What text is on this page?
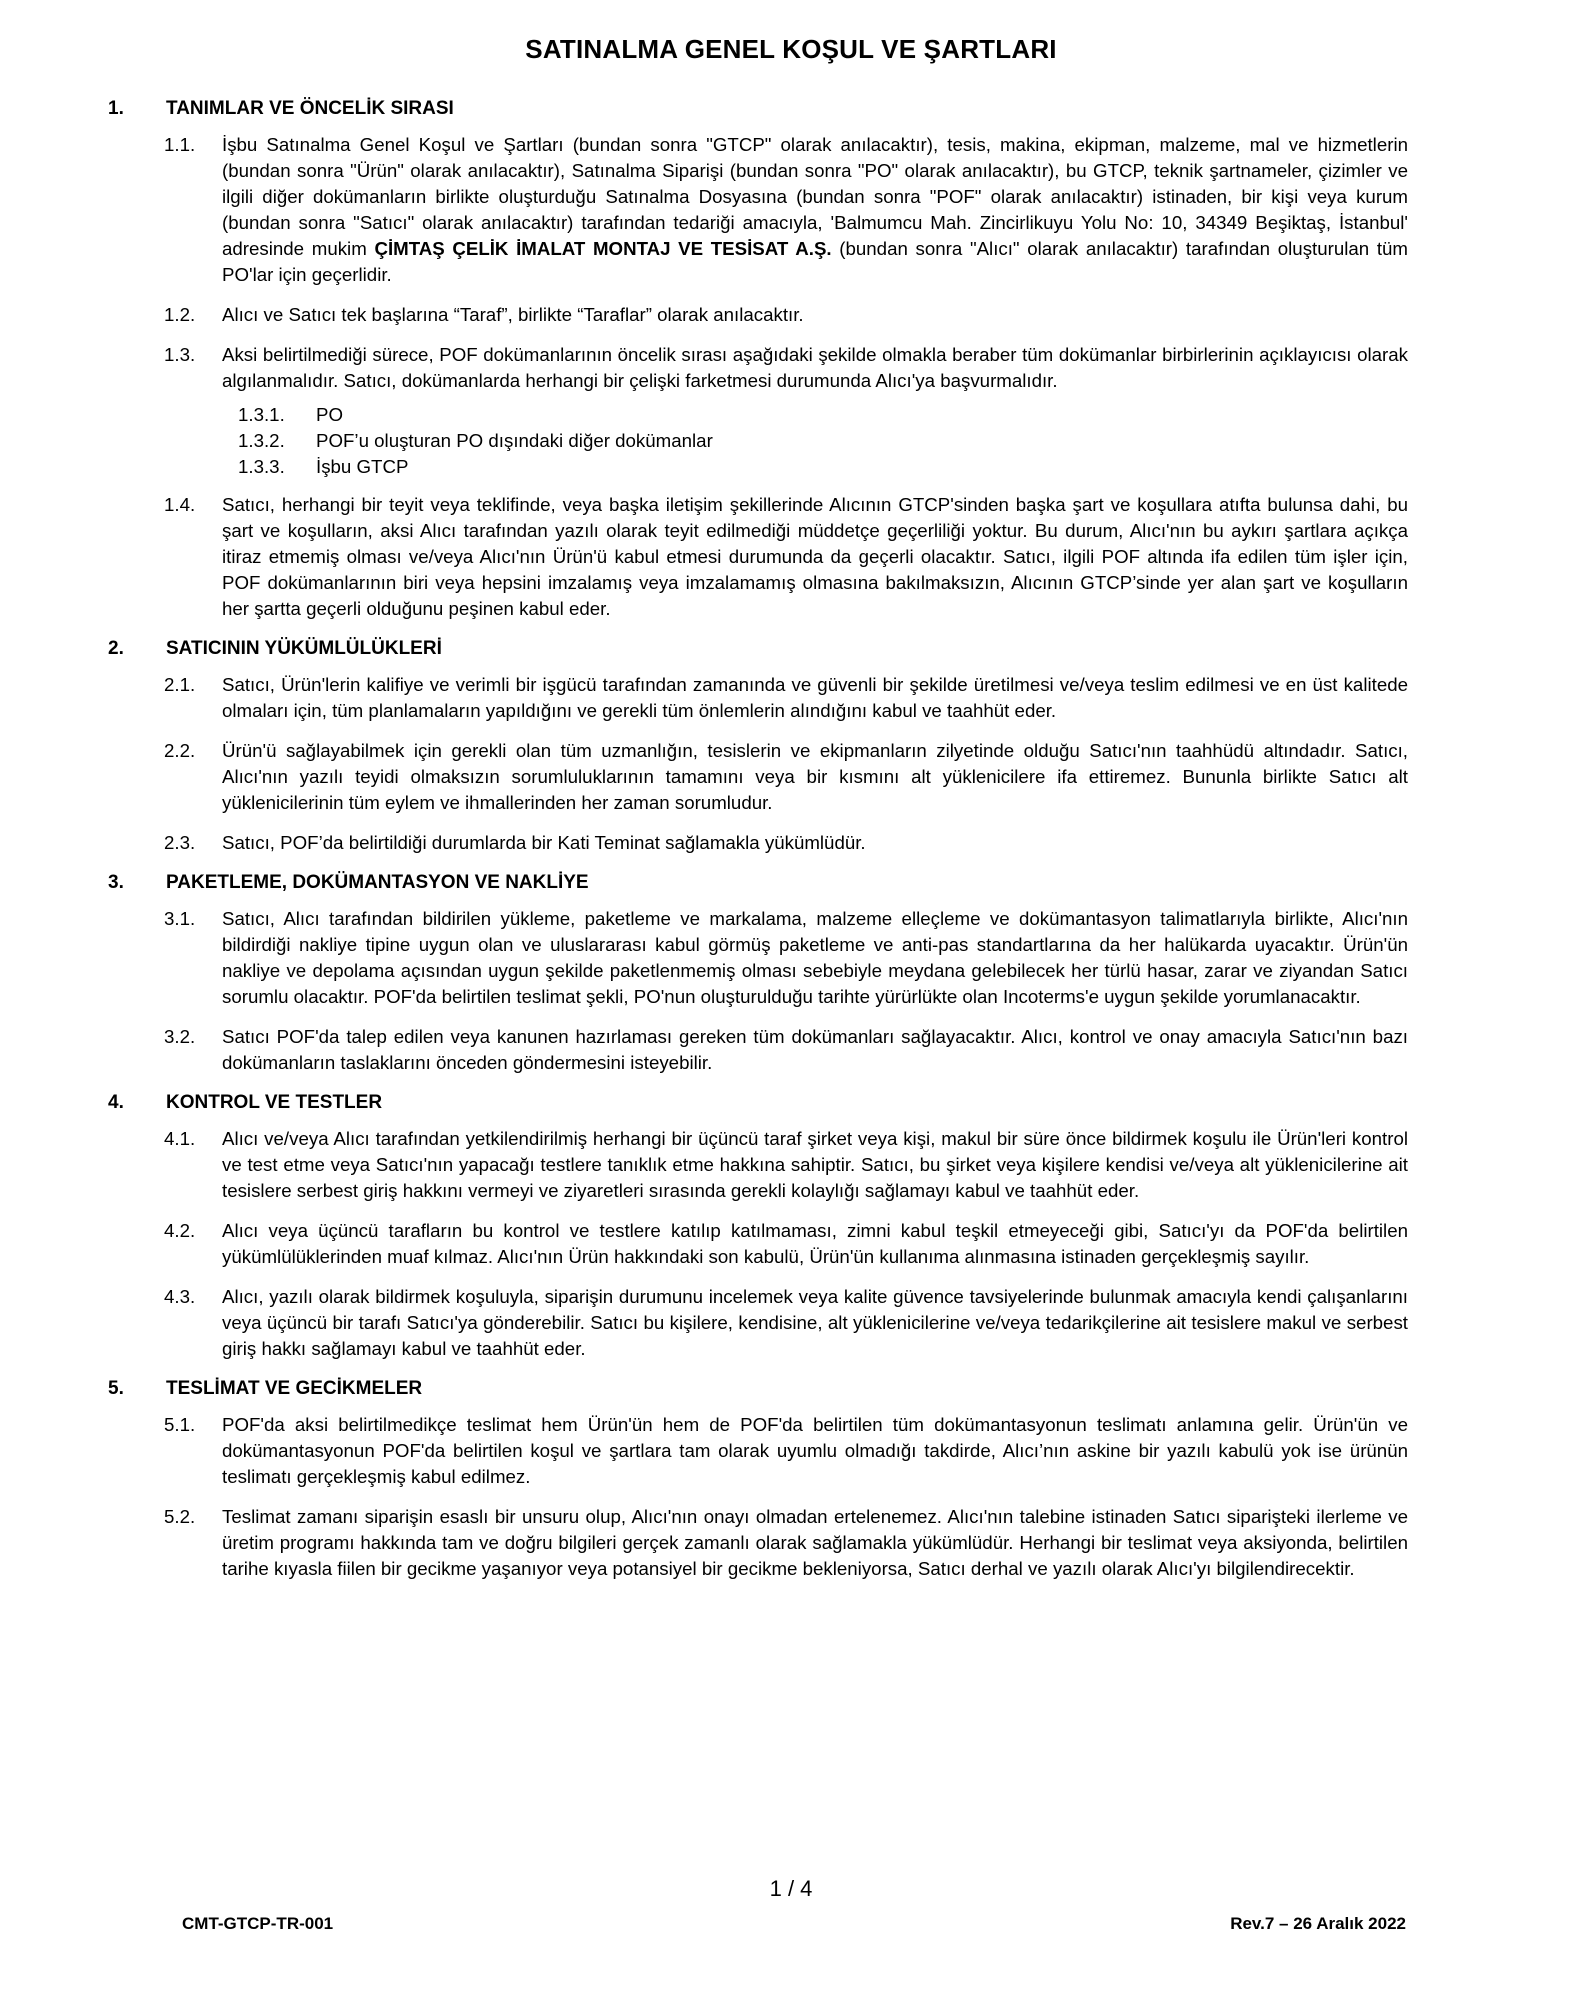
SATINALMA GENEL KOŞUL VE ŞARTLARI
1.	TANIMLAR VE ÖNCELİK SIRASI
1.1.	İşbu Satınalma Genel Koşul ve Şartları (bundan sonra "GTCP" olarak anılacaktır), tesis, makina, ekipman, malzeme, mal ve hizmetlerin (bundan sonra "Ürün" olarak anılacaktır), Satınalma Siparişi (bundan sonra "PO" olarak anılacaktır), bu GTCP, teknik şartnameler, çizimler ve ilgili diğer dokümanların birlikte oluşturduğu Satınalma Dosyasına (bundan sonra "POF" olarak anılacaktır) istinaden, bir kişi veya kurum (bundan sonra "Satıcı" olarak anılacaktır) tarafından tedariği amacıyla, 'Balmumcu Mah. Zincirlikuyu Yolu No: 10, 34349 Beşiktaş, İstanbul' adresinde mukim ÇİMTAŞ ÇELİK İMALAT MONTAJ VE TESİSAT A.Ş. (bundan sonra "Alıcı" olarak anılacaktır) tarafından oluşturulan tüm PO'lar için geçerlidir.
1.2.	Alıcı ve Satıcı tek başlarına “Taraf”, birlikte “Taraflar” olarak anılacaktır.
1.3.	Aksi belirtilmediği sürece, POF dokümanlarının öncelik sırası aşağıdaki şekilde olmakla beraber tüm dokümanlar birbirlerinin açıklayıcısı olarak algılanmalıdır. Satıcı, dokümanlarda herhangi bir çelişki farketmesi durumunda Alıcı'ya başvurmalıdır.
1.3.1.	PO
1.3.2.	POF’u oluşturan PO dışındaki diğer dokümanlar
1.3.3.	İşbu GTCP
1.4.	Satıcı, herhangi bir teyit veya teklifinde, veya başka iletişim şekillerinde Alıcının GTCP'sinden başka şart ve koşullara atıfta bulunsa dahi, bu şart ve koşulların, aksi Alıcı tarafından yazılı olarak teyit edilmediği müddetçe geçerliliği yoktur. Bu durum, Alıcı'nın bu aykırı şartlara açıkça itiraz etmemiş olması ve/veya Alıcı'nın Ürün'ü kabul etmesi durumunda da geçerli olacaktır. Satıcı, ilgili POF altında ifa edilen tüm işler için, POF dokümanlarının biri veya hepsini imzalamış veya imzalamamış olmasına bakılmaksızın, Alıcının GTCP’sinde yer alan şart ve koşulların her şartta geçerli olduğunu peşinen kabul eder.
2.	SATICININ YÜKÜMLÜLÜKLERİ
2.1.	Satıcı, Ürün'lerin kalifiye ve verimli bir işgücü tarafından zamanında ve güvenli bir şekilde üretilmesi ve/veya teslim edilmesi ve en üst kalitede olmaları için, tüm planlamaların yapıldığını ve gerekli tüm önlemlerin alındığını kabul ve taahhüt eder.
2.2.	Ürün'ü sağlayabilmek için gerekli olan tüm uzmanlığın, tesislerin ve ekipmanların zilyetinde olduğu Satıcı'nın taahhüdü altındadır. Satıcı, Alıcı'nın yazılı teyidi olmaksızın sorumluluklarının tamamını veya bir kısmını alt yüklenicilere ifa ettiremez. Bununla birlikte Satıcı alt yüklenicilerinin tüm eylem ve ihmallerinden her zaman sorumludur.
2.3.	Satıcı, POF’da belirtildiği durumlarda bir Kati Teminat sağlamakla yükümlüdür.
3.	PAKETLEME, DOKÜMANTASYON VE NAKLİYE
3.1.	Satıcı, Alıcı tarafından bildirilen yükleme, paketleme ve markalama, malzeme elleçleme ve dokümantasyon talimatlarıyla birlikte, Alıcı'nın bildirdiği nakliye tipine uygun olan ve uluslararası kabul görmüş paketleme ve anti-pas standartlarına da her halükarda uyacaktır. Ürün'ün nakliye ve depolama açısından uygun şekilde paketlenmemiş olması sebebiyle meydana gelebilecek her türlü hasar, zarar ve ziyandan Satıcı sorumlu olacaktır. POF'da belirtilen teslimat şekli, PO'nun oluşturulduğu tarihte yürürlükte olan Incoterms'e uygun şekilde yorumlanacaktır.
3.2.	Satıcı POF'da talep edilen veya kanunen hazırlaması gereken tüm dokümanları sağlayacaktır. Alıcı, kontrol ve onay amacıyla Satıcı'nın bazı dokümanların taslaklarını önceden göndermesini isteyebilir.
4.	KONTROL VE TESTLER
4.1.	Alıcı ve/veya Alıcı tarafından yetkilendirilmiş herhangi bir üçüncü taraf şirket veya kişi, makul bir süre önce bildirmek koşulu ile Ürün'leri kontrol ve test etme veya Satıcı'nın yapacağı testlere tanıklık etme hakkına sahiptir. Satıcı, bu şirket veya kişilere kendisi ve/veya alt yüklenicilerine ait tesislere serbest giriş hakkını vermeyi ve ziyaretleri sırasında gerekli kolaylığı sağlamayı kabul ve taahhüt eder.
4.2.	Alıcı veya üçüncü tarafların bu kontrol ve testlere katılıp katılmaması, zimni kabul teşkil etmeyeceği gibi, Satıcı'yı da POF'da belirtilen yükümlülüklerinden muaf kılmaz. Alıcı'nın Ürün hakkındaki son kabulü, Ürün'ün kullanıma alınmasına istinaden gerçekleşmiş sayılır.
4.3.	Alıcı, yazılı olarak bildirmek koşuluyla, siparişin durumunu incelemek veya kalite güvence tavsiyelerinde bulunmak amacıyla kendi çalışanlarını veya üçüncü bir tarafı Satıcı'ya gönderebilir. Satıcı bu kişilere, kendisine, alt yüklenicilerine ve/veya tedarikçilerine ait tesislere makul ve serbest giriş hakkı sağlamayı kabul ve taahhüt eder.
5.	TESLİMAT VE GECİKMELER
5.1.	POF'da aksi belirtilmedikçe teslimat hem Ürün'ün hem de POF'da belirtilen tüm dokümantasyonun teslimatı anlamına gelir. Ürün'ün ve dokümantasyonun POF'da belirtilen koşul ve şartlara tam olarak uyumlu olmadığı takdirde, Alıcı’nın askine bir yazılı kabulü yok ise ürünün teslimatı gerçekleşmiş kabul edilmez.
5.2.	Teslimat zamanı siparişin esaslı bir unsuru olup, Alıcı'nın onayı olmadan ertelenemez. Alıcı'nın talebine istinaden Satıcı siparişteki ilerleme ve üretim programı hakkında tam ve doğru bilgileri gerçek zamanlı olarak sağlamakla yükümlüdür. Herhangi bir teslimat veya aksiyonda, belirtilen tarihe kıyasla fiilen bir gecikme yaşanıyor veya potansiyel bir gecikme bekleniyorsa, Satıcı derhal ve yazılı olarak Alıcı'yı bilgilendirecektir.
1 / 4
CMT-GTCP-TR-001	Rev.7 – 26 Aralık 2022
